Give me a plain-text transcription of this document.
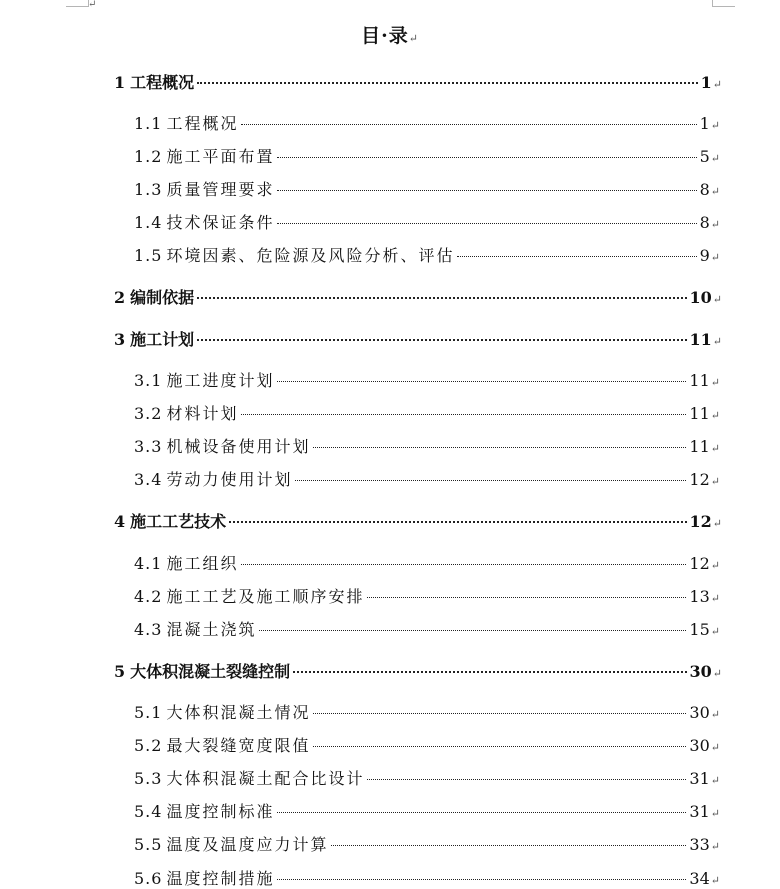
↵
目·录↵
1 工程概况	1 ↵
1.1 工程概况	1 ↵
1.2 施工平面布置	5 ↵
1.3 质量管理要求	8 ↵
1.4 技术保证条件	8 ↵
1.5 环境因素、危险源及风险分析、评估	9 ↵
2 编制依据	10 ↵
3 施工计划	11 ↵
3.1 施工进度计划	11 ↵
3.2 材料计划	11 ↵
3.3 机械设备使用计划	11 ↵
3.4 劳动力使用计划	12 ↵
4 施工工艺技术	12 ↵
4.1 施工组织	12 ↵
4.2 施工工艺及施工顺序安排	13 ↵
4.3 混凝土浇筑	15 ↵
5 大体积混凝土裂缝控制	30 ↵
5.1 大体积混凝土情况	30 ↵
5.2 最大裂缝宽度限值	30 ↵
5.3 大体积混凝土配合比设计	31 ↵
5.4 温度控制标准	31 ↵
5.5 温度及温度应力计算	33 ↵
5.6 温度控制措施	34 ↵
